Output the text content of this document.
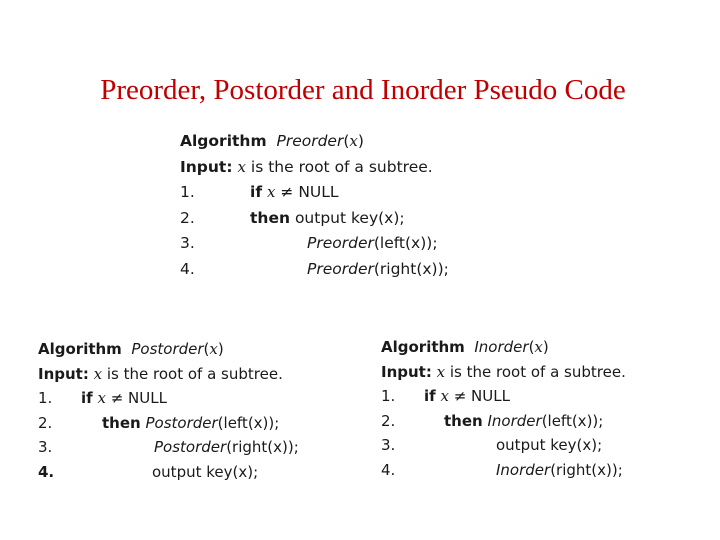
Preorder, Postorder and Inorder Pseudo Code
Algorithm Preorder(x)
Input: x is the root of a subtree.
1.	if x ≠ NULL
2.	then output key(x);
3.	Preorder(left(x));
4.	Preorder(right(x));
Algorithm Postorder(x)
Input: x is the root of a subtree.
1. if x ≠ NULL
2.	then Postorder(left(x));
3.	Postorder(right(x));
4.	output key(x);
Algorithm Inorder(x)
Input: x is the root of a subtree.
1. if x ≠ NULL
2.	then Inorder(left(x));
3.	output key(x);
4.	Inorder(right(x));
